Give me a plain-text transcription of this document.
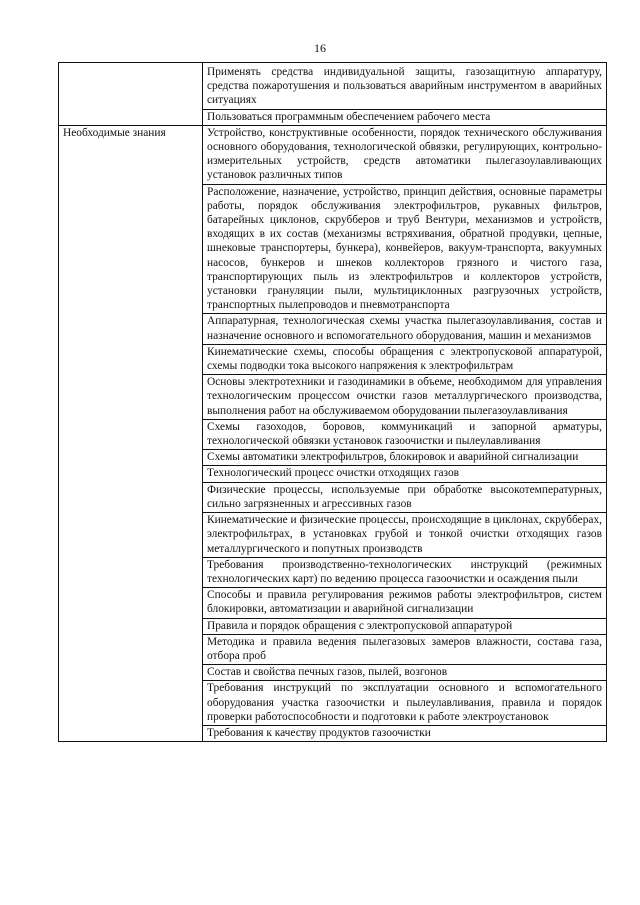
16
	Применять средства индивидуальной защиты, газозащитную аппаратуру, средства пожаротушения и пользоваться аварийным инструментом в аварийных ситуациях
	Пользоваться программным обеспечением рабочего места
Необходимые знания	Устройство, конструктивные особенности, порядок технического обслуживания основного оборудования, технологической обвязки, регулирующих, контрольно-измерительных устройств, средств автоматики пылегазоулавливающих установок различных типов
	Расположение, назначение, устройство, принцип действия, основные параметры работы, порядок обслуживания электрофильтров, рукавных фильтров, батарейных циклонов, скрубберов и труб Вентури, механизмов и устройств, входящих в их состав (механизмы встряхивания, обратной продувки, цепные, шнековые транспортеры, бункера), конвейеров, вакуум-транспорта, вакуумных насосов, бункеров и шнеков коллекторов грязного и чистого газа, транспортирующих пыль из электрофильтров и коллекторов устройств, установки грануляции пыли, мультициклонных разгрузочных устройств, транспортных пылепроводов и пневмотранспорта
	Аппаратурная, технологическая схемы участка пылегазоулавливания, состав и назначение основного и вспомогательного оборудования, машин и механизмов
	Кинематические схемы, способы обращения с электропусковой аппаратурой, схемы подводки тока высокого напряжения к электрофильтрам
	Основы электротехники и газодинамики в объеме, необходимом для управления технологическим процессом очистки газов металлургического производства, выполнения работ на обслуживаемом оборудовании пылегазоулавливания
	Схемы газоходов, боровов, коммуникаций и запорной арматуры, технологической обвязки установок газоочистки и пылеулавливания
	Схемы автоматики электрофильтров, блокировок и аварийной сигнализации
	Технологический процесс очистки отходящих газов
	Физические процессы, используемые при обработке высокотемпературных, сильно загрязненных и агрессивных газов
	Кинематические и физические процессы, происходящие в циклонах, скрубберах, электрофильтрах, в установках грубой и тонкой очистки отходящих газов металлургического и попутных производств
	Требования производственно-технологических инструкций (режимных технологических карт) по ведению процесса газоочистки и осаждения пыли
	Способы и правила регулирования режимов работы электрофильтров, систем блокировки, автоматизации и аварийной сигнализации
	Правила и порядок обращения с электропусковой аппаратурой
	Методика и правила ведения пылегазовых замеров влажности, состава газа, отбора проб
	Состав и свойства печных газов, пылей, возгонов
	Требования инструкций по эксплуатации основного и вспомогательного оборудования участка газоочистки и пылеулавливания, правила и порядок проверки работоспособности и подготовки к работе электроустановок
	Требования к качеству продуктов газоочистки
